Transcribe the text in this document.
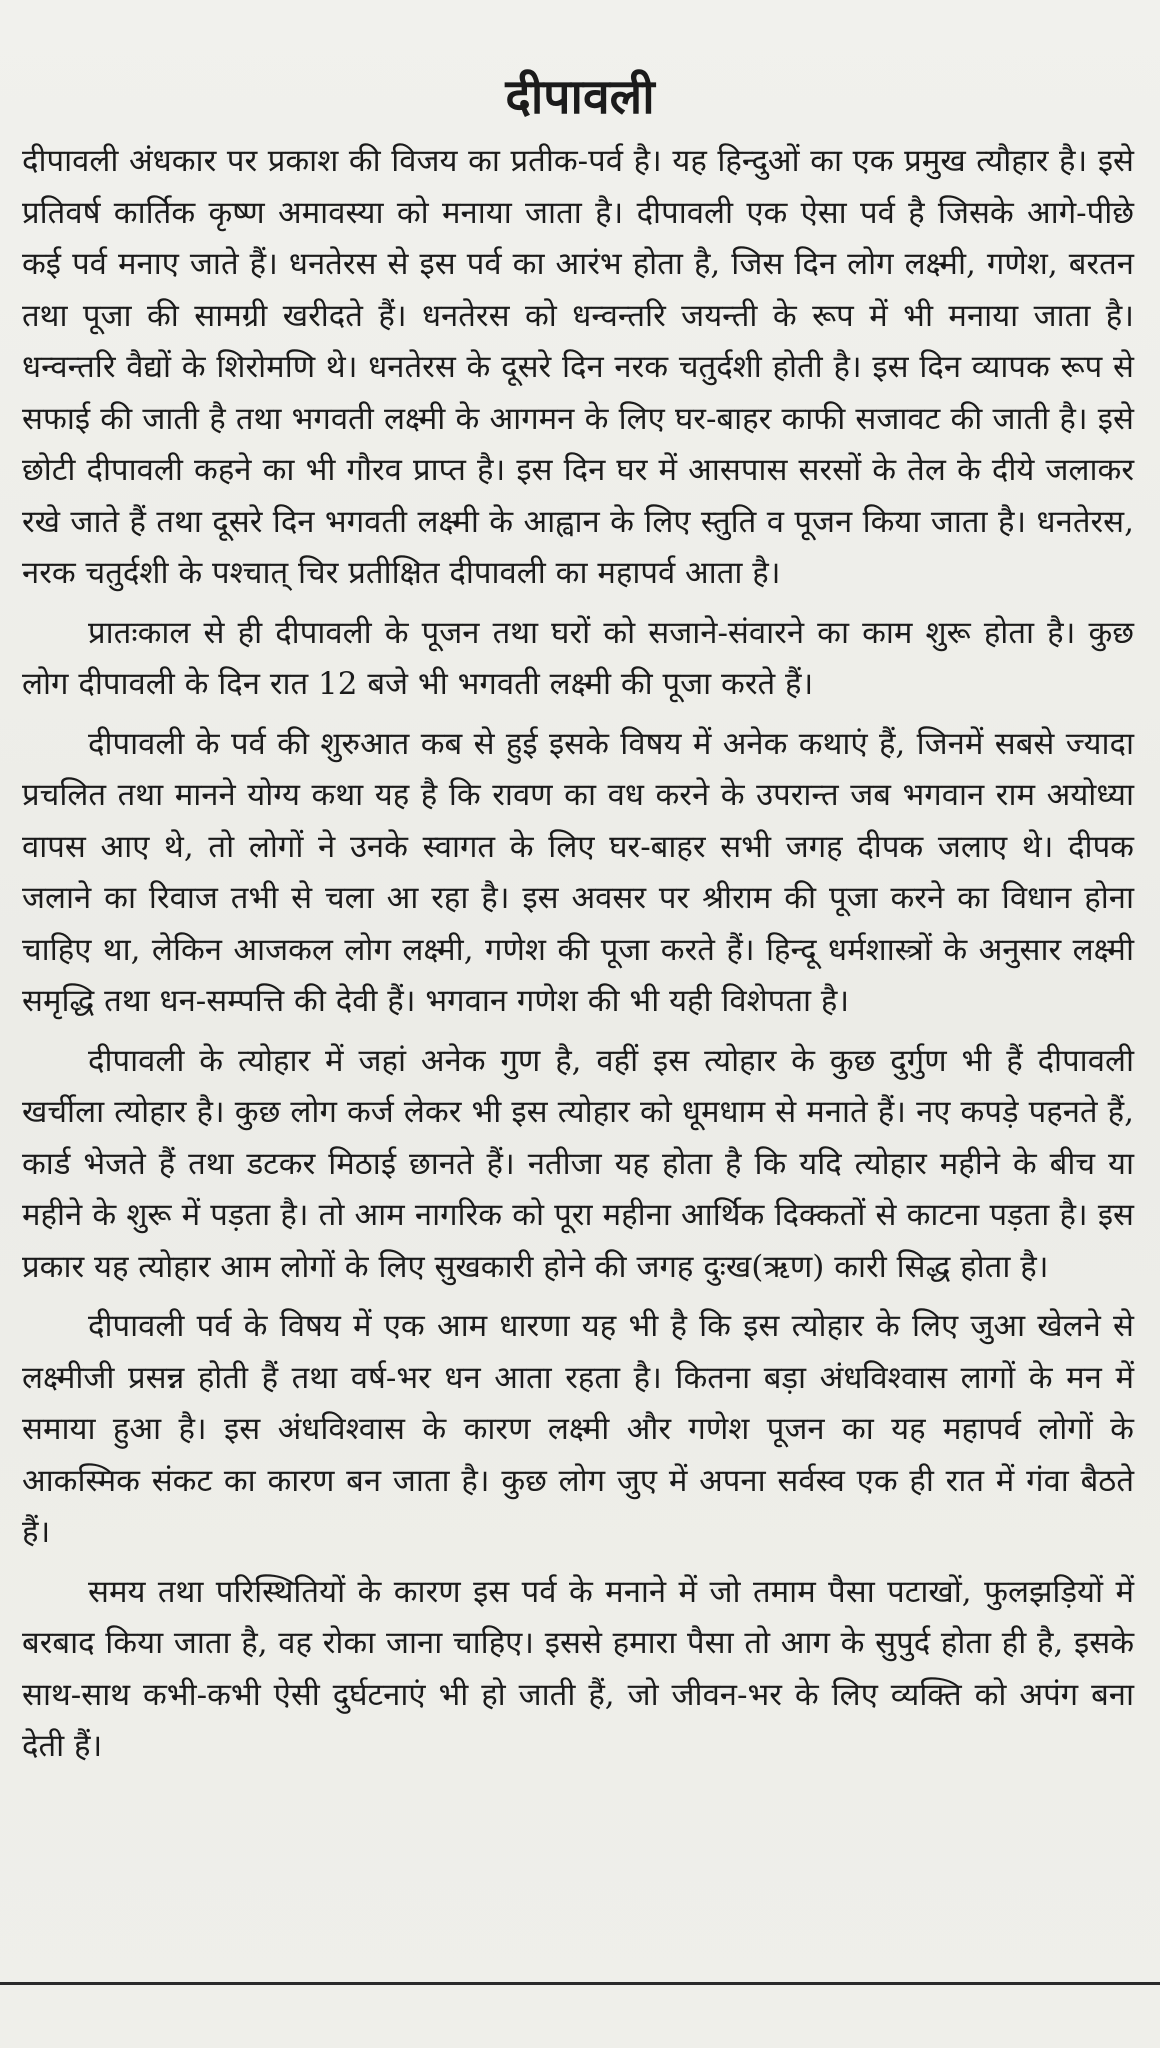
दीपावली

दीपावली अंधकार पर प्रकाश की विजय का प्रतीक-पर्व है। यह हिन्दुओं का एक प्रमुख त्यौहार है। इसे प्रतिवर्ष कार्तिक कृष्ण अमावस्या को मनाया जाता है। दीपावली एक ऐसा पर्व है जिसके आगे-पीछे कई पर्व मनाए जाते हैं। धनतेरस से इस पर्व का आरंभ होता है, जिस दिन लोग लक्ष्मी, गणेश, बरतन तथा पूजा की सामग्री खरीदते हैं। धनतेरस को धन्वन्तरि जयन्ती के रूप में भी मनाया जाता है। धन्वन्तरि वैद्यों के शिरोमणि थे। धनतेरस के दूसरे दिन नरक चतुर्दशी होती है। इस दिन व्यापक रूप से सफाई की जाती है तथा भगवती लक्ष्मी के आगमन के लिए घर-बाहर काफी सजावट की जाती है। इसे छोटी दीपावली कहने का भी गौरव प्राप्त है। इस दिन घर में आसपास सरसों के तेल के दीये जलाकर रखे जाते हैं तथा दूसरे दिन भगवती लक्ष्मी के आह्वान के लिए स्तुति व पूजन किया जाता है। धनतेरस, नरक चतुर्दशी के पश्चात् चिर प्रतीक्षित दीपावली का महापर्व आता है।

प्रातःकाल से ही दीपावली के पूजन तथा घरों को सजाने-संवारने का काम शुरू होता है। कुछ लोग दीपावली के दिन रात 12 बजे भी भगवती लक्ष्मी की पूजा करते हैं।

दीपावली के पर्व की शुरुआत कब से हुई इसके विषय में अनेक कथाएं हैं, जिनमें सबसे ज्यादा प्रचलित तथा मानने योग्य कथा यह है कि रावण का वध करने के उपरान्त जब भगवान राम अयोध्या वापस आए थे, तो लोगों ने उनके स्वागत के लिए घर-बाहर सभी जगह दीपक जलाए थे। दीपक जलाने का रिवाज तभी से चला आ रहा है। इस अवसर पर श्रीराम की पूजा करने का विधान होना चाहिए था, लेकिन आजकल लोग लक्ष्मी, गणेश की पूजा करते हैं। हिन्दू धर्मशास्त्रों के अनुसार लक्ष्मी समृद्धि तथा धन-सम्पत्ति की देवी हैं। भगवान गणेश की भी यही विशेपता है।

दीपावली के त्योहार में जहां अनेक गुण है, वहीं इस त्योहार के कुछ दुर्गुण भी हैं दीपावली खर्चीला त्योहार है। कुछ लोग कर्ज लेकर भी इस त्योहार को धूमधाम से मनाते हैं। नए कपड़े पहनते हैं, कार्ड भेजते हैं तथा डटकर मिठाई छानते हैं। नतीजा यह होता है कि यदि त्योहार महीने के बीच या महीने के शुरू में पड़ता है। तो आम नागरिक को पूरा महीना आर्थिक दिक्कतों से काटना पड़ता है। इस प्रकार यह त्योहार आम लोगों के लिए सुखकारी होने की जगह दुःख(ऋण) कारी सिद्ध होता है।

दीपावली पर्व के विषय में एक आम धारणा यह भी है कि इस त्योहार के लिए जुआ खेलने से लक्ष्मीजी प्रसन्न होती हैं तथा वर्ष-भर धन आता रहता है। कितना बड़ा अंधविश्वास लागों के मन में समाया हुआ है। इस अंधविश्वास के कारण लक्ष्मी और गणेश पूजन का यह महापर्व लोगों के आकस्मिक संकट का कारण बन जाता है। कुछ लोग जुए में अपना सर्वस्व एक ही रात में गंवा बैठते हैं।

समय तथा परिस्थितियों के कारण इस पर्व के मनाने में जो तमाम पैसा पटाखों, फुलझड़ियों में बरबाद किया जाता है, वह रोका जाना चाहिए। इससे हमारा पैसा तो आग के सुपुर्द होता ही है, इसके साथ-साथ कभी-कभी ऐसी दुर्घटनाएं भी हो जाती हैं, जो जीवन-भर के लिए व्यक्ति को अपंग बना देती हैं।
